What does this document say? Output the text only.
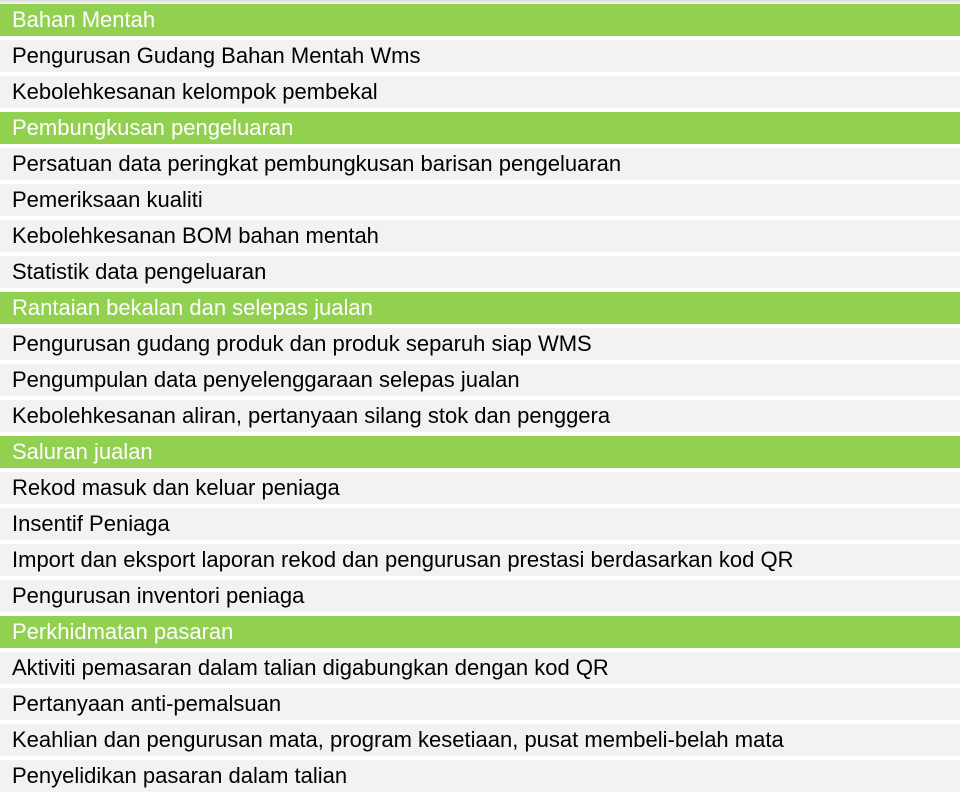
Bahan Mentah
Pengurusan Gudang Bahan Mentah Wms
Kebolehkesanan kelompok pembekal
Pembungkusan pengeluaran
Persatuan data peringkat pembungkusan barisan pengeluaran
Pemeriksaan kualiti
Kebolehkesanan BOM bahan mentah
Statistik data pengeluaran
Rantaian bekalan dan selepas jualan
Pengurusan gudang produk dan produk separuh siap WMS
Pengumpulan data penyelenggaraan selepas jualan
Kebolehkesanan aliran, pertanyaan silang stok dan penggera
Saluran jualan
Rekod masuk dan keluar peniaga
Insentif Peniaga
Import dan eksport laporan rekod dan pengurusan prestasi berdasarkan kod QR
Pengurusan inventori peniaga
Perkhidmatan pasaran
Aktiviti pemasaran dalam talian digabungkan dengan kod QR
Pertanyaan anti-pemalsuan
Keahlian dan pengurusan mata, program kesetiaan, pusat membeli-belah mata
Penyelidikan pasaran dalam talian
